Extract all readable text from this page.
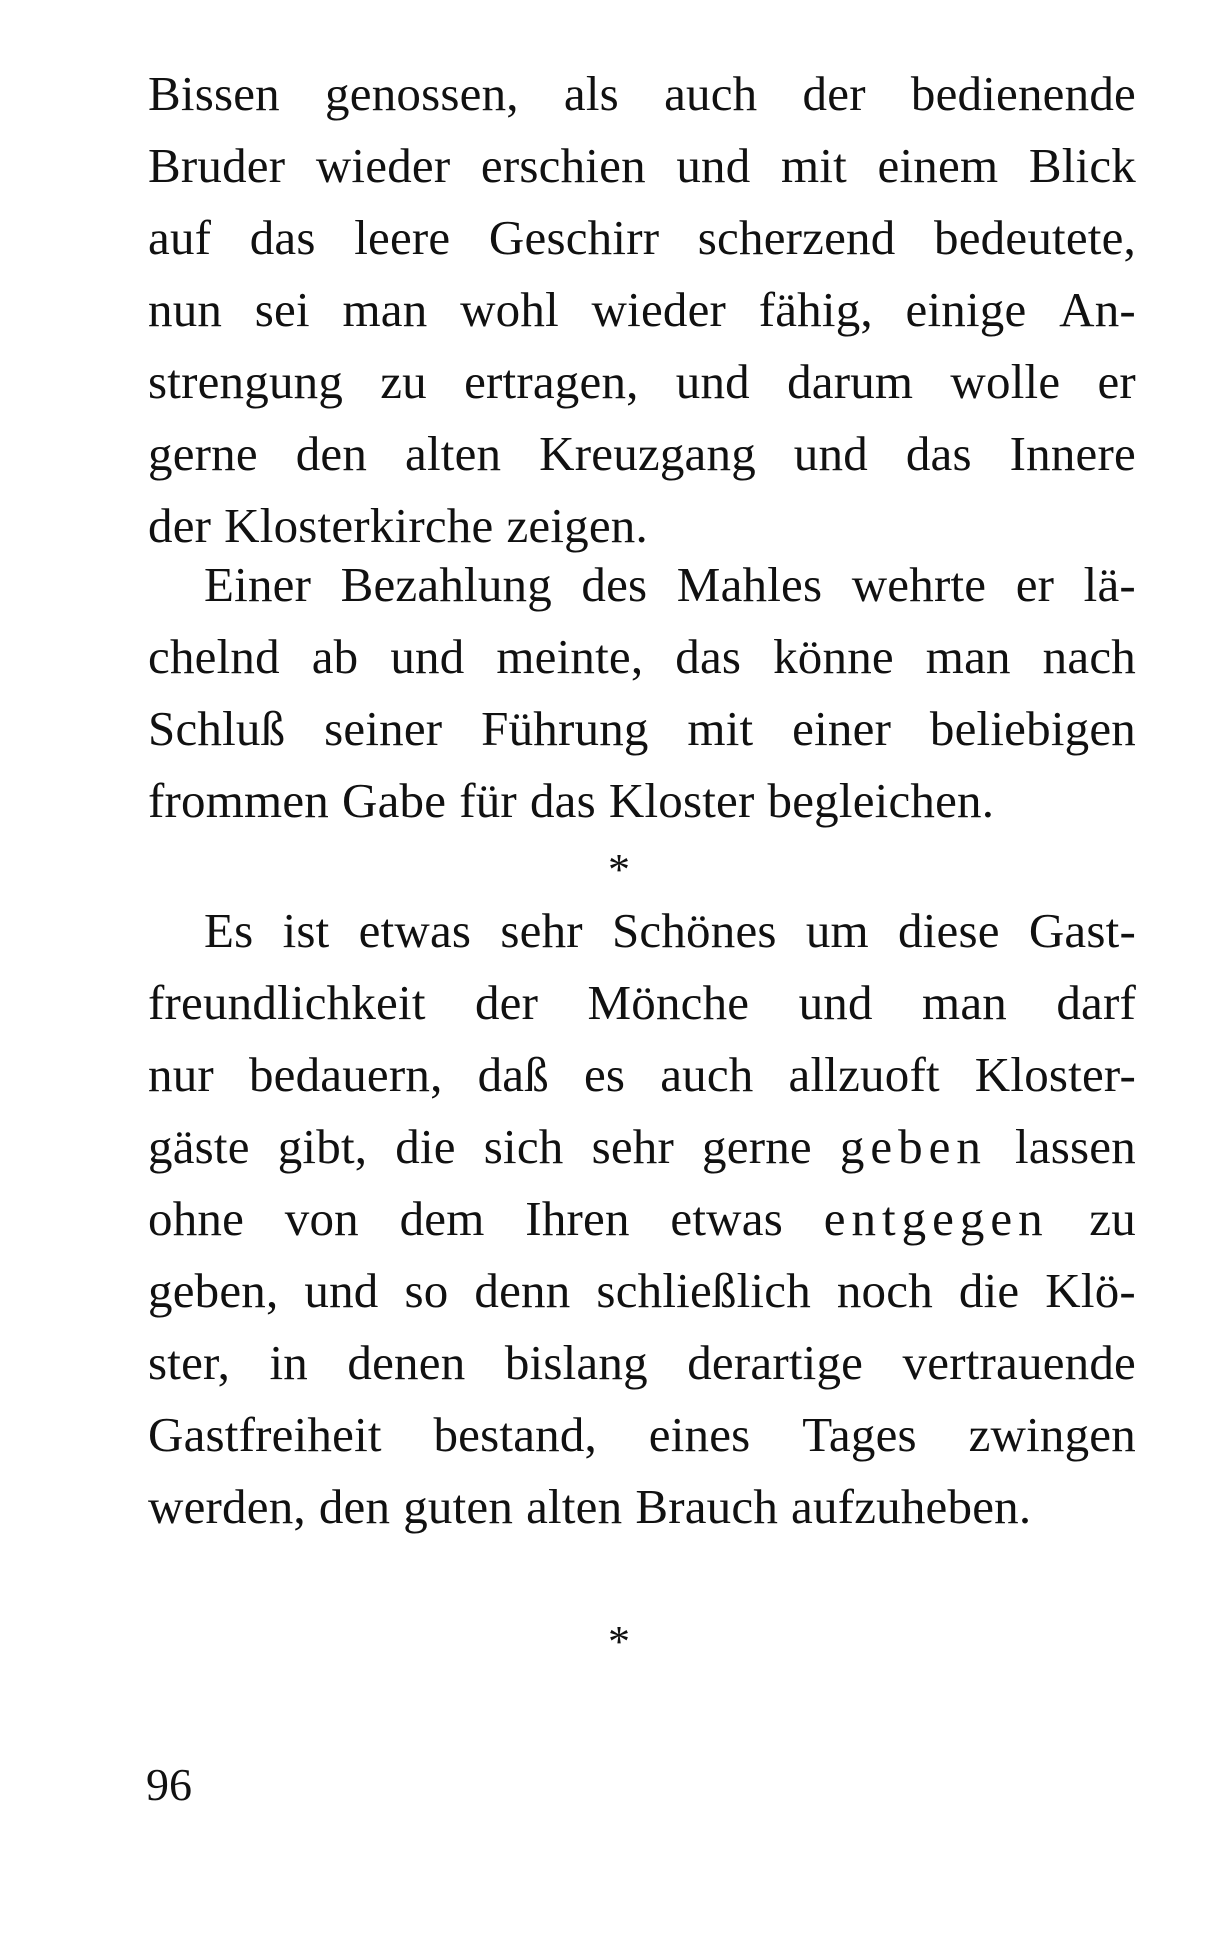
Bissen genossen, als auch der bedienende
Bruder wieder erschien und mit einem Blick
auf das leere Geschirr scherzend bedeutete,
nun sei man wohl wieder fähig, einige An-
strengung zu ertragen, und darum wolle er
gerne den alten Kreuzgang und das Innere
der Klosterkirche zeigen.
Einer Bezahlung des Mahles wehrte er lä-
chelnd ab und meinte, das könne man nach
Schluß seiner Führung mit einer beliebigen
frommen Gabe für das Kloster begleichen.
*
Es ist etwas sehr Schönes um diese Gast-
freundlichkeit der Mönche und man darf
nur bedauern, daß es auch allzuoft Kloster-
gäste gibt, die sich sehr gerne geben lassen
ohne von dem Ihren etwas entgegen zu
geben, und so denn schließlich noch die Klö-
ster, in denen bislang derartige vertrauende
Gastfreiheit bestand, eines Tages zwingen
werden, den guten alten Brauch aufzuheben.
*
96
